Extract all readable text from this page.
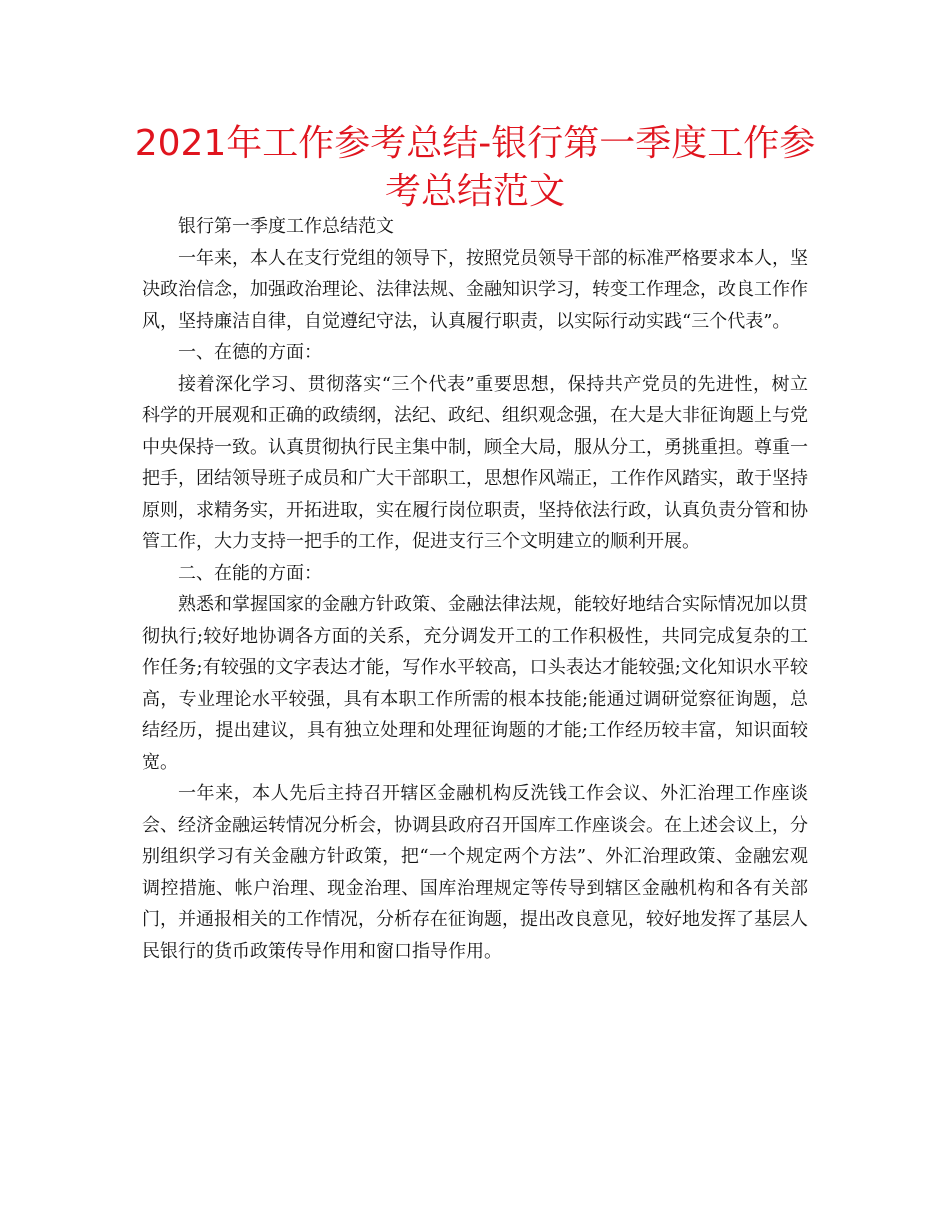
2021年工作参考总结-银行第一季度工作参考总结范文

银行第一季度工作总结范文

一年来，本人在支行党组的领导下，按照党员领导干部的标准严格要求本人，坚决政治信念，加强政治理论、法律法规、金融知识学习，转变工作理念，改良工作作风，坚持廉洁自律，自觉遵纪守法，认真履行职责，以实际行动实践“三个代表”。

一、在德的方面：

接着深化学习、贯彻落实“三个代表”重要思想，保持共产党员的先进性，树立科学的开展观和正确的政绩纲，法纪、政纪、组织观念强，在大是大非征询题上与党中央保持一致。认真贯彻执行民主集中制，顾全大局，服从分工，勇挑重担。尊重一把手，团结领导班子成员和广大干部职工，思想作风端正，工作作风踏实，敢于坚持原则，求精务实，开拓进取，实在履行岗位职责，坚持依法行政，认真负责分管和协管工作，大力支持一把手的工作，促进支行三个文明建立的顺利开展。

二、在能的方面：

熟悉和掌握国家的金融方针政策、金融法律法规，能较好地结合实际情况加以贯彻执行;较好地协调各方面的关系，充分调发开工的工作积极性，共同完成复杂的工作任务;有较强的文字表达才能，写作水平较高，口头表达才能较强;文化知识水平较高，专业理论水平较强，具有本职工作所需的根本技能;能通过调研觉察征询题，总结经历，提出建议，具有独立处理和处理征询题的才能;工作经历较丰富，知识面较宽。

一年来，本人先后主持召开辖区金融机构反洗钱工作会议、外汇治理工作座谈会、经济金融运转情况分析会，协调县政府召开国库工作座谈会。在上述会议上，分别组织学习有关金融方针政策，把“一个规定两个方法”、外汇治理政策、金融宏观调控措施、帐户治理、现金治理、国库治理规定等传导到辖区金融机构和各有关部门，并通报相关的工作情况，分析存在征询题，提出改良意见，较好地发挥了基层人民银行的货币政策传导作用和窗口指导作用。
